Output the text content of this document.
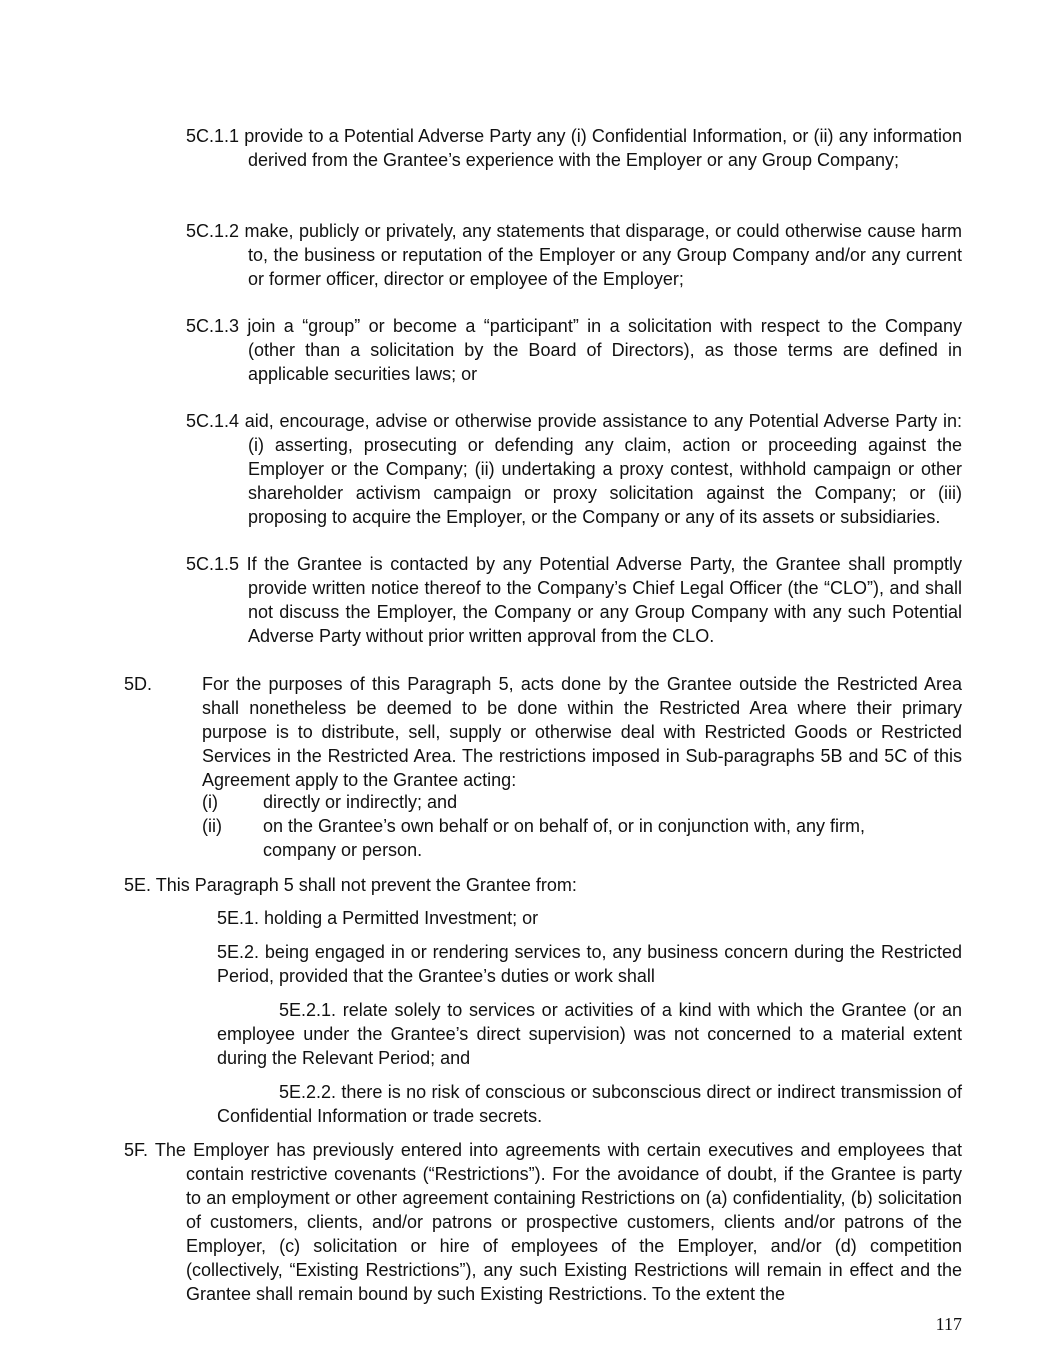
5C.1.1 provide to a Potential Adverse Party any (i) Confidential Information, or (ii) any information derived from the Grantee’s experience with the Employer or any Group Company;

5C.1.2 make, publicly or privately, any statements that disparage, or could otherwise cause harm to, the business or reputation of the Employer or any Group Company and/or any current or former officer, director or employee of the Employer;

5C.1.3 join a “group” or become a “participant” in a solicitation with respect to the Company (other than a solicitation by the Board of Directors), as those terms are defined in applicable securities laws; or

5C.1.4 aid, encourage, advise or otherwise provide assistance to any Potential Adverse Party in: (i) asserting, prosecuting or defending any claim, action or proceeding against the Employer or the Company; (ii) undertaking a proxy contest, withhold campaign or other shareholder activism campaign or proxy solicitation against the Company; or (iii) proposing to acquire the Employer, or the Company or any of its assets or subsidiaries.

5C.1.5 If the Grantee is contacted by any Potential Adverse Party, the Grantee shall promptly provide written notice thereof to the Company’s Chief Legal Officer (the “CLO”), and shall not discuss the Employer, the Company or any Group Company with any such Potential Adverse Party without prior written approval from the CLO.

5D.	For the purposes of this Paragraph 5, acts done by the Grantee outside the Restricted Area shall nonetheless be deemed to be done within the Restricted Area where their primary purpose is to distribute, sell, supply or otherwise deal with Restricted Goods or Restricted Services in the Restricted Area. The restrictions imposed in Sub-paragraphs 5B and 5C of this Agreement apply to the Grantee acting:

(i)	directly or indirectly; and

(ii) on the Grantee’s own behalf or on behalf of, or in conjunction with, any firm, company or person.

5E. This Paragraph 5 shall not prevent the Grantee from:

5E.1. holding a Permitted Investment; or

5E.2. being engaged in or rendering services to, any business concern during the Restricted Period, provided that the Grantee’s duties or work shall

5E.2.1. relate solely to services or activities of a kind with which the Grantee (or an employee under the Grantee’s direct supervision) was not concerned to a material extent during the Relevant Period; and

5E.2.2. there is no risk of conscious or subconscious direct or indirect transmission of Confidential Information or trade secrets.

5F. The Employer has previously entered into agreements with certain executives and employees that contain restrictive covenants (“Restrictions”). For the avoidance of doubt, if the Grantee is party to an employment or other agreement containing Restrictions on (a) confidentiality, (b) solicitation of customers, clients, and/or patrons or prospective customers, clients and/or patrons of the Employer, (c) solicitation or hire of employees of the Employer, and/or (d) competition (collectively, “Existing Restrictions”), any such Existing Restrictions will remain in effect and the Grantee shall remain bound by such Existing Restrictions. To the extent the

117
